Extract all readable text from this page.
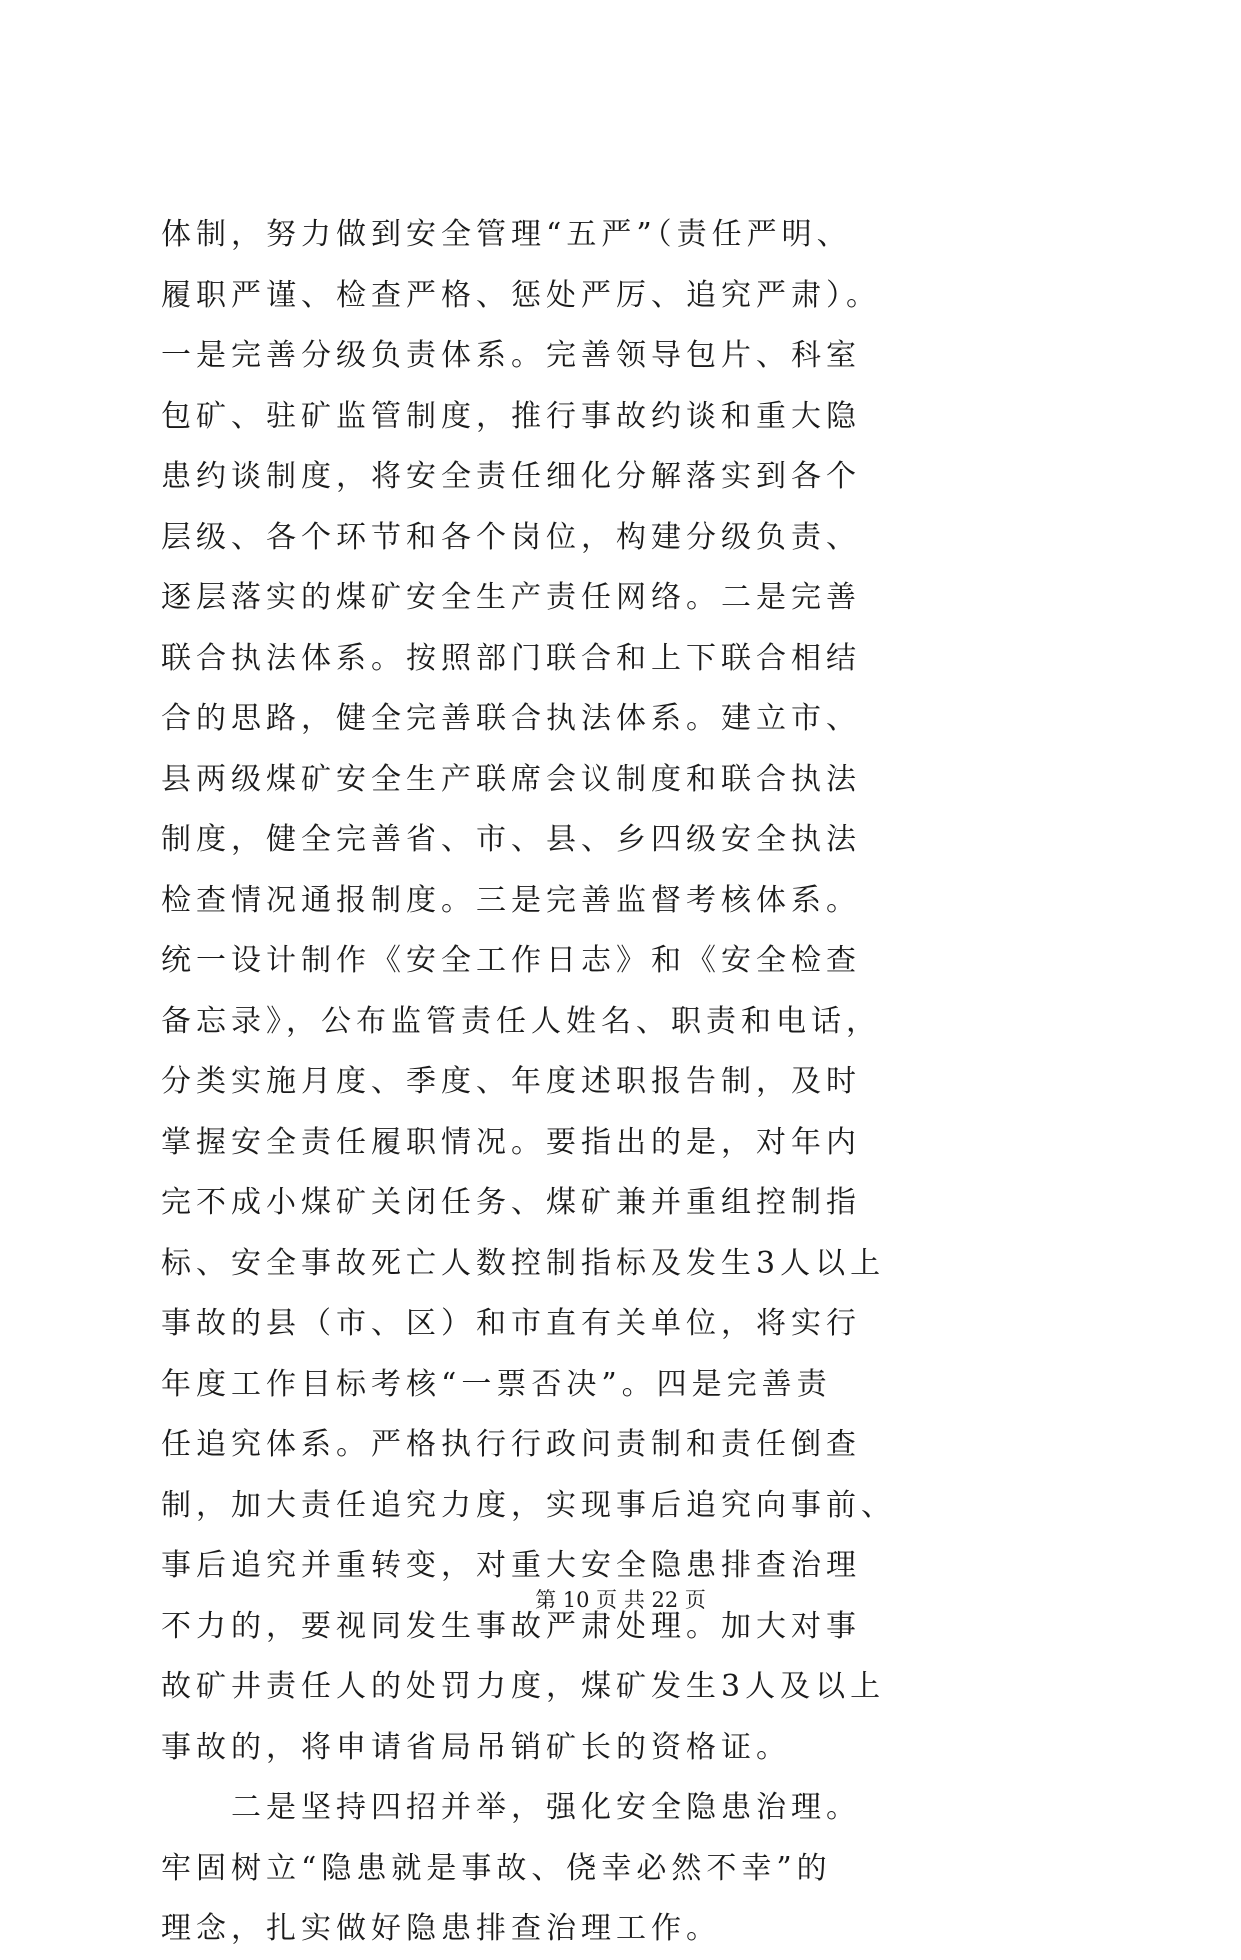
体制，努力做到安全管理“五严”（责任严明、
履职严谨、检查严格、惩处严厉、追究严肃）。
一是完善分级负责体系。完善领导包片、科室
包矿、驻矿监管制度，推行事故约谈和重大隐
患约谈制度，将安全责任细化分解落实到各个
层级、各个环节和各个岗位，构建分级负责、
逐层落实的煤矿安全生产责任网络。二是完善
联合执法体系。按照部门联合和上下联合相结
合的思路，健全完善联合执法体系。建立市、
县两级煤矿安全生产联席会议制度和联合执法
制度，健全完善省、市、县、乡四级安全执法
检查情况通报制度。三是完善监督考核体系。
统一设计制作《安全工作日志》和《安全检查
备忘录》，公布监管责任人姓名、职责和电话，
分类实施月度、季度、年度述职报告制，及时
掌握安全责任履职情况。要指出的是，对年内
完不成小煤矿关闭任务、煤矿兼并重组控制指
标、安全事故死亡人数控制指标及发生3人以上
事故的县（市、区）和市直有关单位，将实行
年度工作目标考核“一票否决”。四是完善责
任追究体系。严格执行行政问责制和责任倒查
制，加大责任追究力度，实现事后追究向事前、
事后追究并重转变，对重大安全隐患排查治理
不力的，要视同发生事故严肃处理。加大对事
故矿井责任人的处罚力度，煤矿发生3人及以上
事故的，将申请省局吊销矿长的资格证。
二是坚持四招并举，强化安全隐患治理。
牢固树立“隐患就是事故、侥幸必然不幸”的
理念，扎实做好隐患排查治理工作。
第 10 页 共 22 页
